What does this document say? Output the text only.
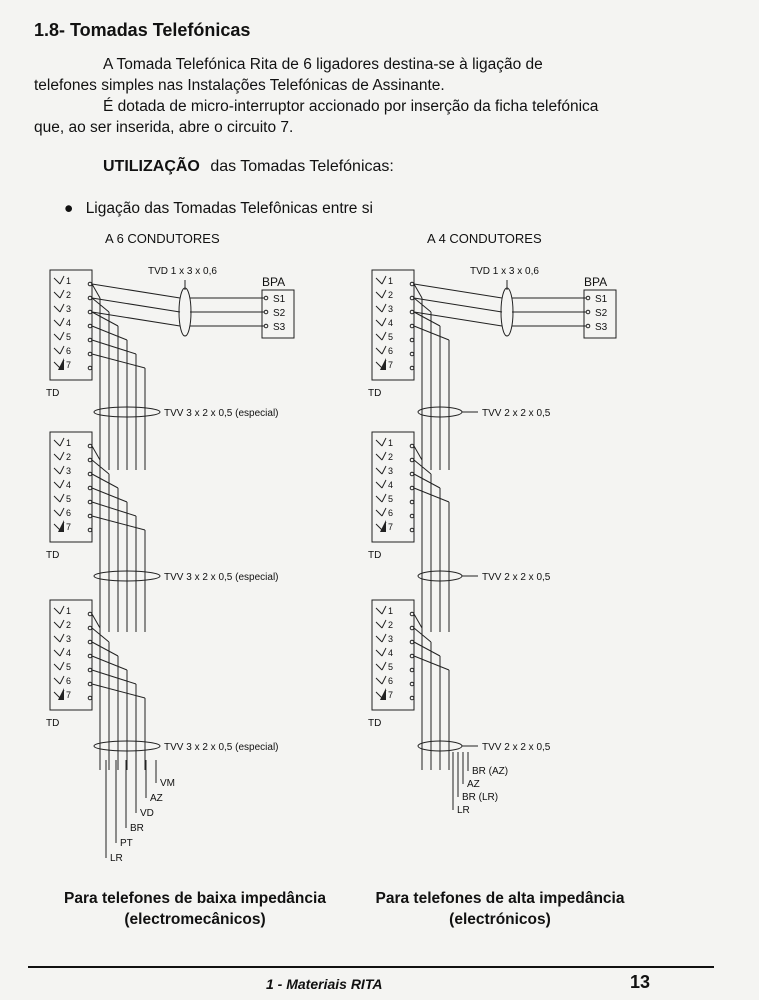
1.8- Tomadas Telefónicas
A Tomada Telefónica Rita de 6 ligadores destina-se à ligação de
telefones simples nas Instalações Telefónicas de Assinante.
É dotada de micro-interruptor accionado por inserção da ficha telefónica
que, ao ser inserida, abre o circuito 7.
UTILIZAÇÃO das Tomadas Telefónicas:
● Ligação das Tomadas Telefônicas entre si
A 6 CONDUTORES
TVD 1 x 3 x 0,6
BPA
S1
S2
S3
TD
1
2
3
4
5
6
7
TD
1
2
3
4
5
6
7
TD
1
2
3
4
5
6
7
TVV 3 x 2 x 0,5 (especial)
TVV 3 x 2 x 0,5 (especial)
TVV 3 x 2 x 0,5 (especial)
VM
AZ
VD
BR
PT
LR
A 4 CONDUTORES
TVD 1 x 3 x 0,6
BPA
S1
S2
S3
TD
1
2
3
4
5
6
7
TD
1
2
3
4
5
6
7
TD
1
2
3
4
5
6
7
TVV 2 x 2 x 0,5
TVV 2 x 2 x 0,5
TVV 2 x 2 x 0,5
BR (AZ)
AZ
BR (LR)
LR
Para telefones de baixa impedância
(electromecânicos)
Para telefones de alta impedância
(electrónicos)
1 - Materiais RITA	13
